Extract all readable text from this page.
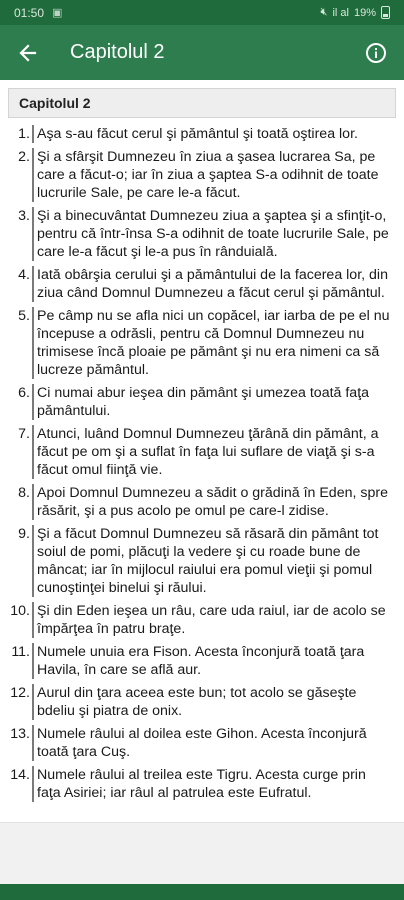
01:50 ▣	🔇︎ il al 19%
Capitolul 2
Capitolul 2
1. Aşa s-au făcut cerul şi pământul şi toată oştirea lor.
2. Şi a sfârşit Dumnezeu în ziua a şasea lucrarea Sa, pe care a făcut-o; iar în ziua a şaptea S-a odihnit de toate lucrurile Sale, pe care le-a făcut.
3. Şi a binecuvântat Dumnezeu ziua a şaptea şi a sfinţit-o, pentru că într-însa S-a odihnit de toate lucrurile Sale, pe care le-a făcut şi le-a pus în rânduială.
4. Iată obârşia cerului şi a pământului de la facerea lor, din ziua când Domnul Dumnezeu a făcut cerul şi pământul.
5. Pe câmp nu se afla nici un copăcel, iar iarba de pe el nu începuse a odrăsli, pentru că Domnul Dumnezeu nu trimisese încă ploaie pe pământ şi nu era nimeni ca să lucreze pământul.
6. Ci numai abur ieşea din pământ şi umezea toată faţa pământului.
7. Atunci, luând Domnul Dumnezeu ţărână din pământ, a făcut pe om şi a suflat în faţa lui suflare de viaţă şi s-a făcut omul fiinţă vie.
8. Apoi Domnul Dumnezeu a sădit o grădină în Eden, spre răsărit, şi a pus acolo pe omul pe care-l zidise.
9. Şi a făcut Domnul Dumnezeu să răsară din pământ tot soiul de pomi, plăcuţi la vedere şi cu roade bune de mâncat; iar în mijlocul raiului era pomul vieţii şi pomul cunoştinţei binelui şi răului.
10. Şi din Eden ieşea un râu, care uda raiul, iar de acolo se împărţea în patru braţe.
11. Numele unuia era Fison. Acesta înconjură toată ţara Havila, în care se află aur.
12. Aurul din ţara aceea este bun; tot acolo se găseşte bdeliu şi piatra de onix.
13. Numele râului al doilea este Gihon. Acesta înconjură toată ţara Cuş.
14. Numele râului al treilea este Tigru. Acesta curge prin faţa Asiriei; iar râul al patrulea este Eufratul.
